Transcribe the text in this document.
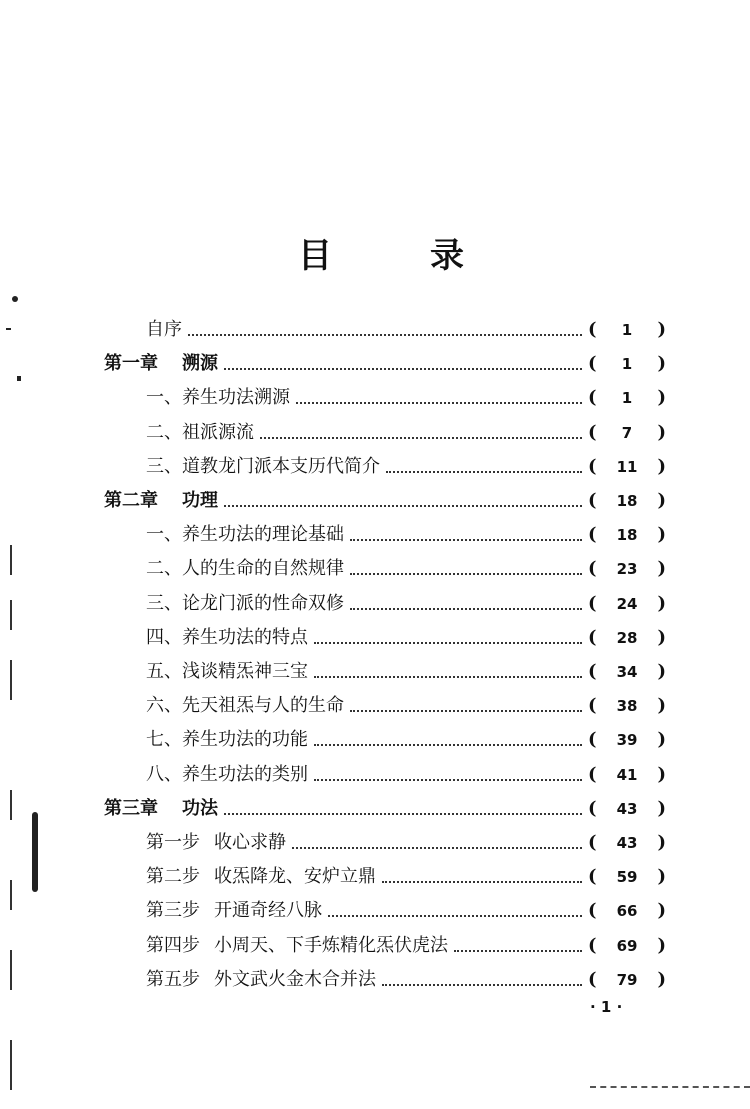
目	录
自序	(	1	)
第一章 溯源	(	1	)
一、养生功法溯源	(	1	)
二、祖派源流	(	7	)
三、道教龙门派本支历代简介	(	11	)
第二章 功理	(	18	)
一、养生功法的理论基础	(	18	)
二、人的生命的自然规律	(	23	)
三、论龙门派的性命双修	(	24	)
四、养生功法的特点	(	28	)
五、浅谈精炁神三宝	(	34	)
六、先天祖炁与人的生命	(	38	)
七、养生功法的功能	(	39	)
八、养生功法的类别	(	41	)
第三章 功法	(	43	)
第一步 收心求静	(	43	)
第二步 收炁降龙、安炉立鼎	(	59	)
第三步 开通奇经八脉	(	66	)
第四步 小周天、下手炼精化炁伏虎法	(	69	)
第五步 外文武火金木合并法	(	79	)
· 1 ·
